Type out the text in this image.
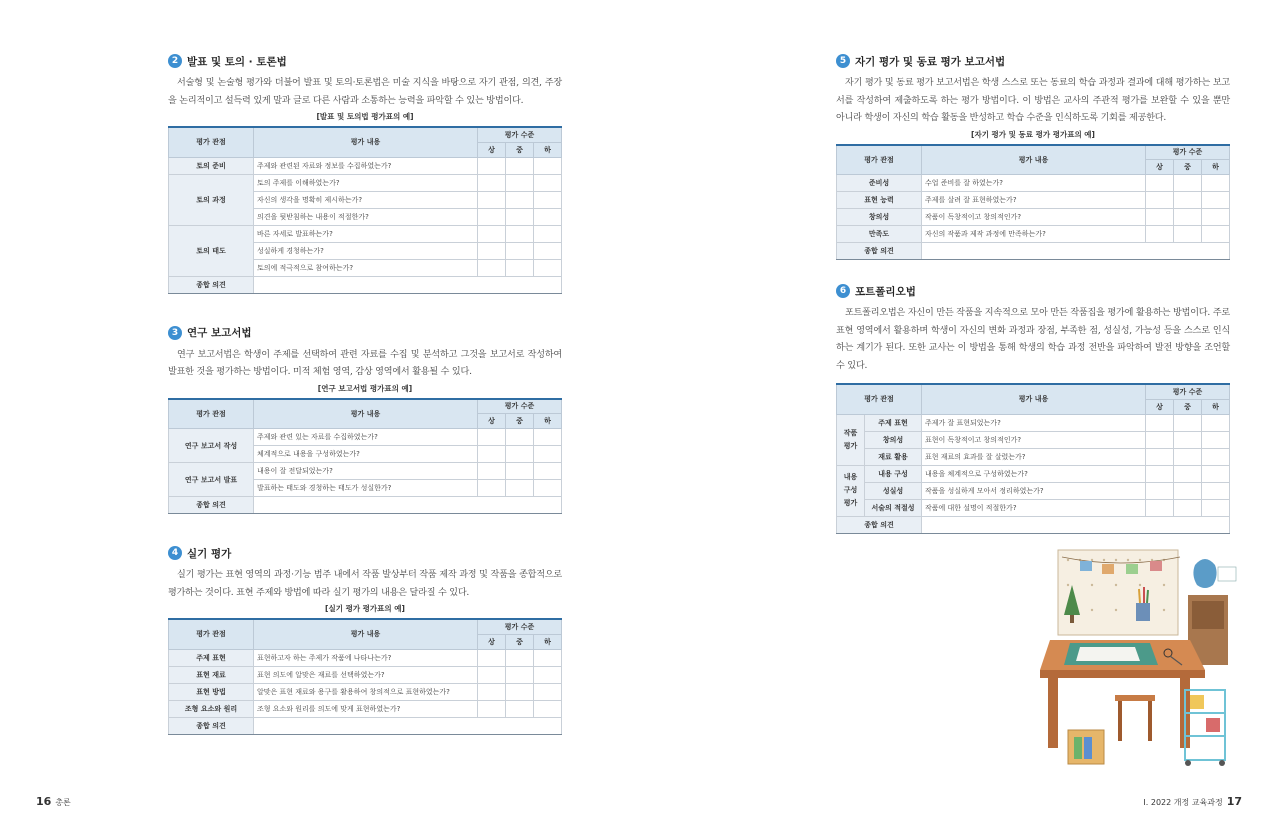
2 발표 및 토의 · 토론법

서술형 및 논술형 평가와 더불어 발표 및 토의·토론법은 미술 지식을 바탕으로 자기 관점, 의견, 주장을 논리적이고 설득력 있게 말과 글로 다른 사람과 소통하는 능력을 파악할 수 있는 방법이다.

[발표 및 토의법 평가표의 예]
평가 관점	평가 내용	평가 수준		
		상	중	하
토의 준비	주제와 관련된 자료와 정보를 수집하였는가?			
토의 과정	토의 주제를 이해하였는가?			
	자신의 생각을 명확히 제시하는가?			
	의견을 뒷받침하는 내용이 적절한가?			
토의 태도	바른 자세로 발표하는가?			
	성실하게 경청하는가?			
	토의에 적극적으로 참여하는가?			
종합 의견				
3 연구 보고서법

연구 보고서법은 학생이 주제를 선택하여 관련 자료를 수집 및 분석하고 그것을 보고서로 작성하여 발표한 것을 평가하는 방법이다. 미적 체험 영역, 감상 영역에서 활용될 수 있다.

[연구 보고서법 평가표의 예]
평가 관점	평가 내용	평가 수준		
		상	중	하
연구 보고서 작성	주제와 관련 있는 자료를 수집하였는가?			
	체계적으로 내용을 구성하였는가?			
연구 보고서 발표	내용이 잘 전달되었는가?			
	발표하는 태도와 경청하는 태도가 성실한가?			
종합 의견				
4 실기 평가

실기 평가는 표현 영역의 과정·기능 범주 내에서 작품 발상부터 작품 제작 과정 및 작품을 종합적으로 평가하는 것이다. 표현 주제와 방법에 따라 실기 평가의 내용은 달라질 수 있다.

[실기 평가 평가표의 예]
평가 관점	평가 내용	평가 수준		
		상	중	하
주제 표현	표현하고자 하는 주제가 작품에 나타나는가?			
표현 재료	표현 의도에 알맞은 재료를 선택하였는가?			
표현 방법	알맞은 표현 재료와 용구를 활용하여 창의적으로 표현하였는가?			
조형 요소와 원리	조형 요소와 원리를 의도에 맞게 표현하였는가?			
종합 의견				
5 자기 평가 및 동료 평가 보고서법

자기 평가 및 동료 평가 보고서법은 학생 스스로 또는 동료의 학습 과정과 결과에 대해 평가하는 보고서를 작성하여 제출하도록 하는 평가 방법이다. 이 방법은 교사의 주관적 평가를 보완할 수 있을 뿐만 아니라 학생이 자신의 학습 활동을 반성하고 학습 수준을 인식하도록 기회를 제공한다.

[자기 평가 및 동료 평가 평가표의 예]
평가 관점	평가 내용	평가 수준		
		상	중	하
준비성	수업 준비를 잘 하였는가?			
표현 능력	주제를 살려 잘 표현하였는가?			
창의성	작품이 독창적이고 창의적인가?			
만족도	자신의 작품과 제작 과정에 만족하는가?			
종합 의견				
6 포트폴리오법

포트폴리오법은 자신이 만든 작품을 지속적으로 모아 만든 작품집을 평가에 활용하는 방법이다. 주로 표현 영역에서 활용하며 학생이 자신의 변화 과정과 장점, 부족한 점, 성실성, 가능성 등을 스스로 인식하는 계기가 된다. 또한 교사는 이 방법을 통해 학생의 학습 과정 전반을 파악하여 발전 방향을 조언할 수 있다.

평가 관점		평가 내용	평가 수준		
			상	중	하
작품 평가	주제 표현	주제가 잘 표현되었는가?			
	창의성	표현이 독창적이고 창의적인가?			
	재료 활용	표현 재료의 효과를 잘 살렸는가?			
내용 구성 평가	내용 구성	내용을 체계적으로 구성하였는가?			
	성실성	작품을 성실하게 모아서 정리하였는가?			
	서술의 적절성	작품에 대한 설명이 적절한가?			
종합 의견					
16 총론	Ⅰ. 2022 개정 교육과정 17
